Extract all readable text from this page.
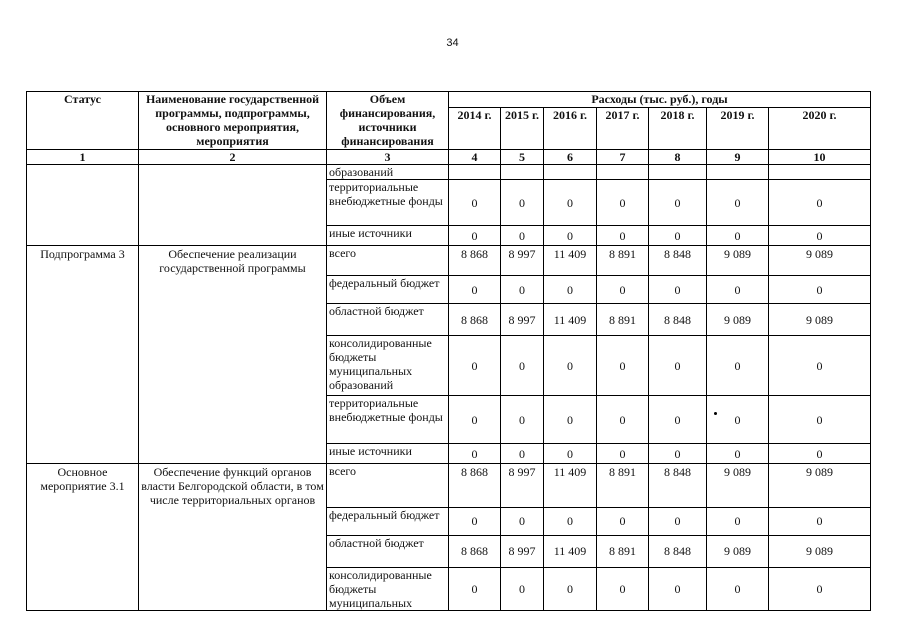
34
Статус	Наименование государственной программы, подпрограммы, основного мероприятия, мероприятия	Объем финансирования, источники финансирования	Расходы (тыс. руб.), годы						
			2014 г.	2015 г.	2016 г.	2017 г.	2018 г.	2019 г.	2020 г.
1	2	3	4	5	6	7	8	9	10
		образований							
		территориальные внебюджетные фонды	0	0	0	0	0	0	0
		иные источники	0	0	0	0	0	0	0
Подпрограмма 3	Обеспечение реализации государственной программы	всего	8 868	8 997	11 409	8 891	8 848	9 089	9 089
		федеральный бюджет	0	0	0	0	0	0	0
		областной бюджет	8 868	8 997	11 409	8 891	8 848	9 089	9 089
		консолидированные бюджеты муниципальных образований	0	0	0	0	0	0	0
		территориальные внебюджетные фонды	0	0	0	0	0	0	0
		иные источники	0	0	0	0	0	0	0
Основное мероприятие 3.1	Обеспечение функций органов власти Белгородской области, в том числе территориальных органов	всего	8 868	8 997	11 409	8 891	8 848	9 089	9 089
		федеральный бюджет	0	0	0	0	0	0	0
		областной бюджет	8 868	8 997	11 409	8 891	8 848	9 089	9 089
		консолидированные бюджеты муниципальных	0	0	0	0	0	0	0
